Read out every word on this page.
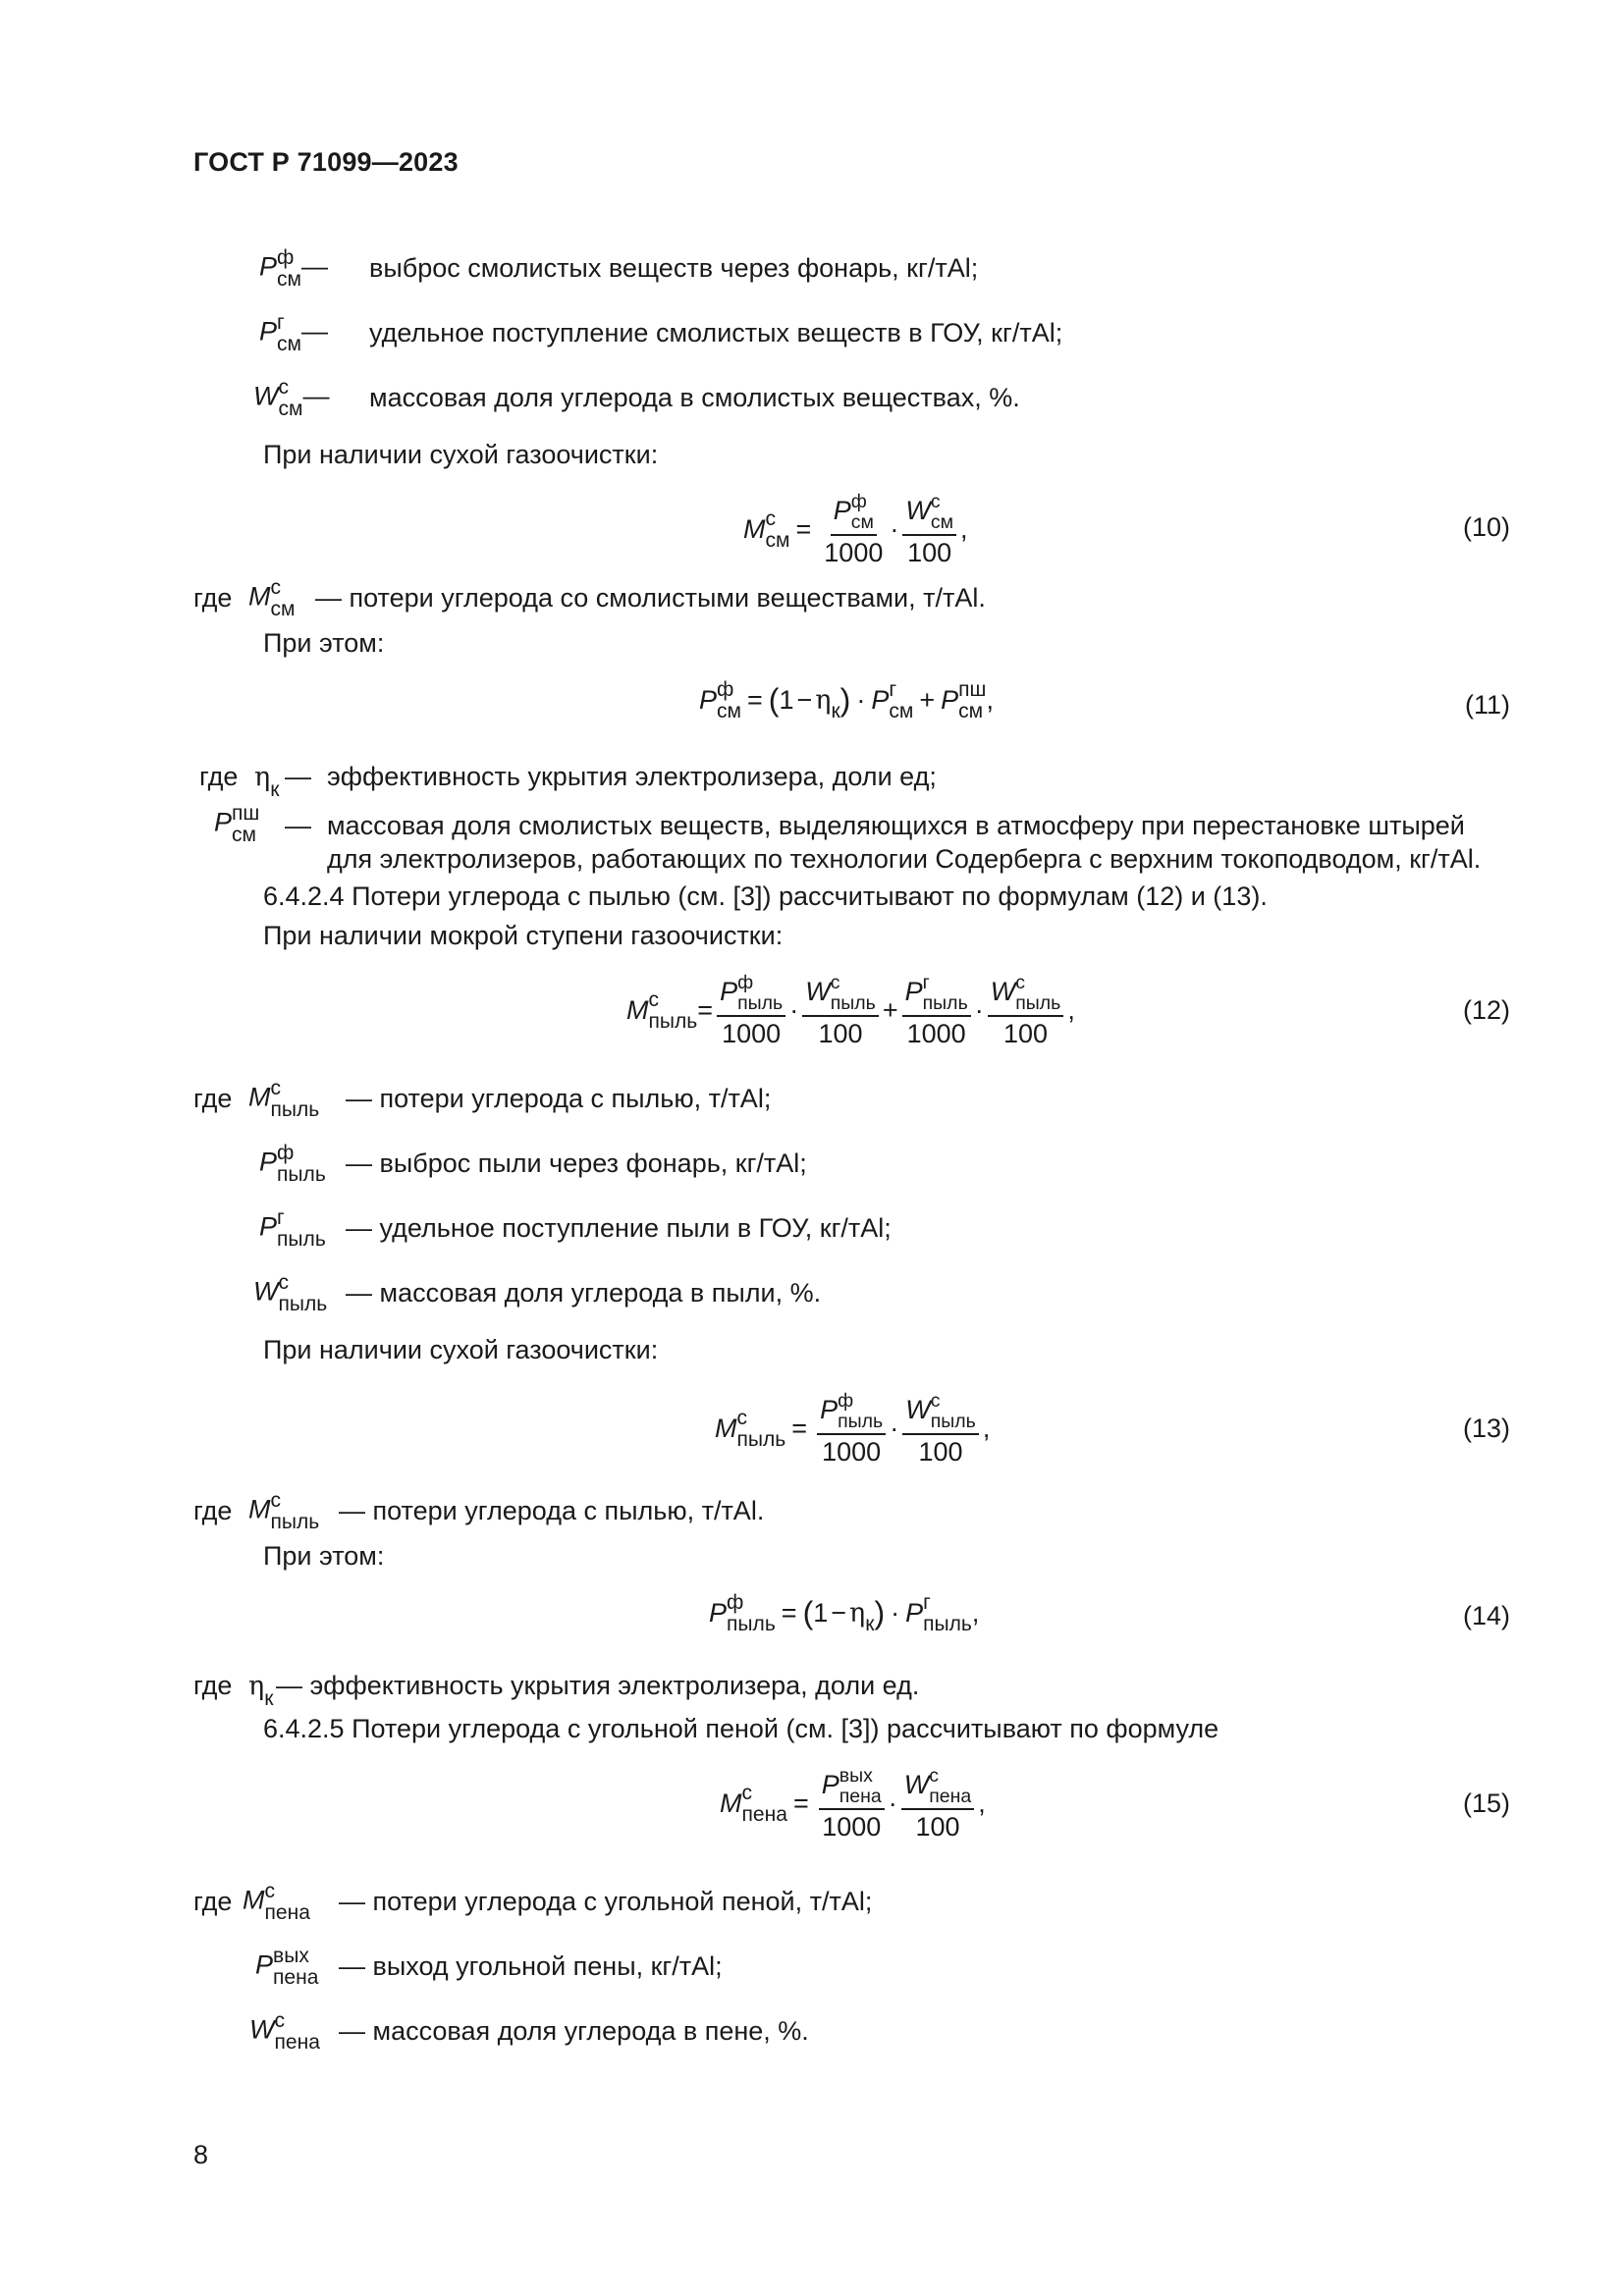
ГОСТ Р 71099—2023
P ф
см — выброс смолистых веществ через фонарь, кг/тAl;
P г
см — удельное поступление смолистых веществ в ГОУ, кг/тAl;
W с
см — массовая доля углерода в смолистых веществах, %.
При наличии сухой газоочистки:
M с
см = P ф
см
1000 · W с
см
100 ,	(10)
где M с
см — потери углерода со смолистыми веществами, т/тAl.
При этом:
P ф
см = ( 1 − η
к ) · P г
см + P пш
см ,	(11)
где η
к — эффективность укрытия электролизера, доли ед;
P пш
см — массовая доля смолистых веществ, выделяющихся в атмосферу при перестановке штырей
для электролизеров, работающих по технологии Содерберга с верхним токоподводом, кг/тAl.
6.4.2.4 Потери углерода с пылью (см. [3]) рассчитывают по формулам (12) и (13).
При наличии мокрой ступени газоочистки:
M с
пыль = P ф
пыль
1000 · W с
пыль
100 + P г
пыль
1000 · W с
пыль
100 ,	(12)
где M с
пыль — потери углерода с пылью, т/тAl;
P ф
пыль — выброс пыли через фонарь, кг/тAl;
P г
пыль — удельное поступление пыли в ГОУ, кг/тAl;
W с
пыль — массовая доля углерода в пыли, %.
При наличии сухой газоочистки:
M с
пыль = P ф
пыль
1000 · W с
пыль
100 ,	(13)
где M с
пыль — потери углерода с пылью, т/тAl.
При этом:
P ф
пыль = ( 1 − η
к ) · P г
пыль ,	(14)
где η
к — эффективность укрытия электролизера, доли ед.
6.4.2.5 Потери углерода с угольной пеной (см. [3]) рассчитывают по формуле
M с
пена = P вых
пена
1000 · W с
пена
100 ,	(15)
где M с
пена — потери углерода с угольной пеной, т/тAl;
P вых
пена — выход угольной пены, кг/тAl;
W с
пена — массовая доля углерода в пене, %.
8
